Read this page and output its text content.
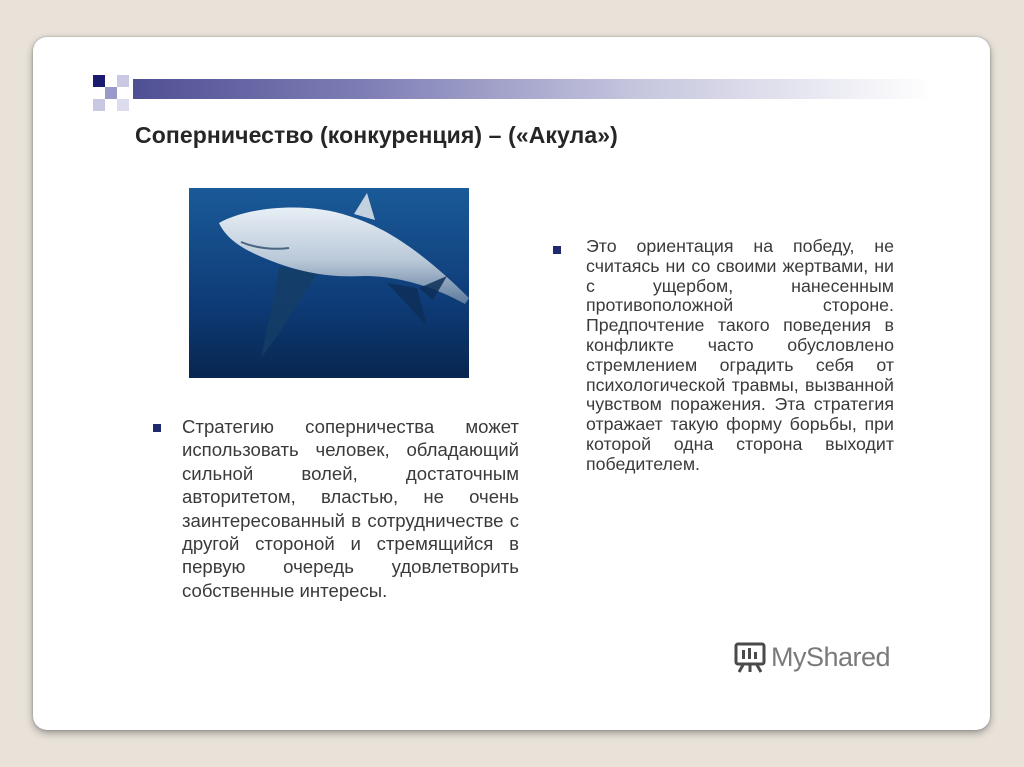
Соперничество (конкуренция) – («Акула»)
Стратегию соперничества может использовать человек, обладающий сильной волей, достаточным авторитетом, властью, не очень заинтересованный в сотрудничестве с другой стороной и стремящийся в первую очередь удовлетворить собственные интересы.
Это ориентация на победу, не считаясь ни со своими жертвами, ни с ущербом, нанесенным противоположной стороне. Предпочтение такого поведения в конфликте часто обусловлено стремлением оградить себя от психологической травмы, вызванной чувством поражения. Эта стратегия отражает такую форму борьбы, при которой одна сторона выходит победителем.
MyShared
